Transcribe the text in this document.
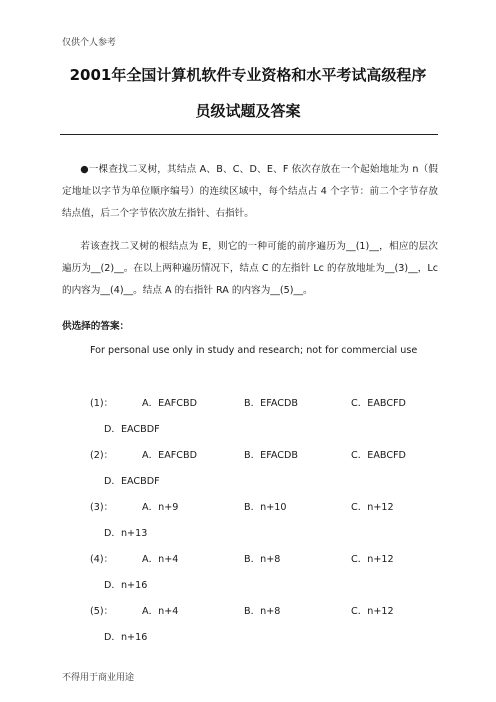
仅供个人参考
2001年全国计算机软件专业资格和水平考试高级程序
员级试题及答案
●一棵查找二叉树，其结点 A、B、C、D、E、F 依次存放在一个起始地址为 n（假定地址以字节为单位顺序编号）的连续区域中，每个结点占 4 个字节：前二个字节存放结点值，后二个字节依次放左指针、右指针。
若该查找二叉树的根结点为 E，则它的一种可能的前序遍历为__(1)__，相应的层次遍历为__(2)__。在以上两种遍历情况下，结点 C 的左指针 Lc 的存放地址为__(3)__，Lc 的内容为__(4)__。结点 A 的右指针 RA 的内容为__(5)__。
供选择的答案：
For personal use only in study and research; not for commercial use
(1)：	A．EAFCBD	B．EFACDB	C．EABCFD
D．EACBDF
(2)：	A．EAFCBD	B．EFACDB	C．EABCFD
D．EACBDF
(3)：	A．n+9	B．n+10	C．n+12
D．n+13
(4)：	A．n+4	B．n+8	C．n+12
D．n+16
(5)：	A．n+4	B．n+8	C．n+12
D．n+16
不得用于商业用途
